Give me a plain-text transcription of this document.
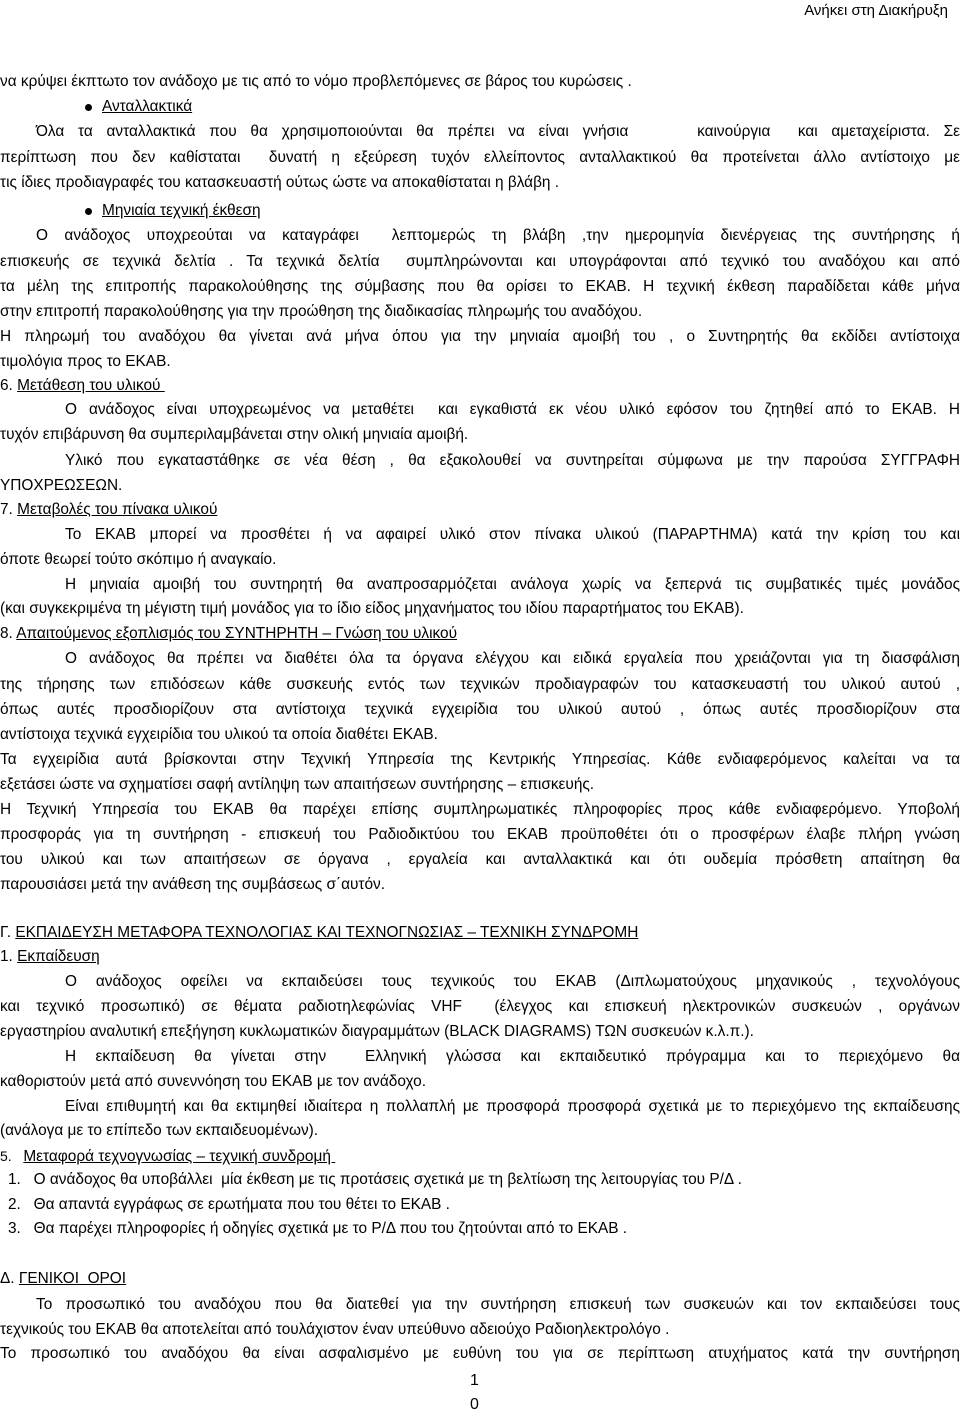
Ανήκει στη Διακήρυξη
να κρύψει έκπτωτο τον ανάδοχο με τις από το νόμο προβλεπόμενες σε βάρος του κυρώσεις .
Ανταλλακτικά
Όλα τα ανταλλακτικά που θα χρησιμοποιούνται θα πρέπει να είναι γνήσια     καινούργια  και αμεταχείριστα. Σε
περίπτωση που δεν καθίσταται  δυνατή η εξεύρεση τυχόν ελλείποντος ανταλλακτικού θα προτείνεται άλλο αντίστοιχο με
τις ίδιες προδιαγραφές του κατασκευαστή ούτως ώστε να αποκαθίσταται η βλάβη .
Μηνιαία τεχνική έκθεση
Ο ανάδοχος υποχρεούται να καταγράφει  λεπτομερώς τη βλάβη ,την ημερομηνία διενέργειας της συντήρησης ή
επισκευής σε τεχνικά δελτία . Τα τεχνικά δελτία  συμπληρώνονται και υπογράφονται από τεχνικό του αναδόχου και από
τα μέλη της επιτροπής παρακολούθησης της σύμβασης που θα ορίσει το ΕΚΑΒ. Η τεχνική έκθεση παραδίδεται κάθε μήνα
στην επιτροπή παρακολούθησης για την προώθηση της διαδικασίας πληρωμής του αναδόχου.
Η πληρωμή του αναδόχου θα γίνεται ανά μήνα όπου για την μηνιαία αμοιβή του , ο Συντηρητής θα εκδίδει αντίστοιχα
τιμολόγια προς το ΕΚΑΒ.
6. Μετάθεση του υλικού
Ο ανάδοχος είναι υποχρεωμένος να μεταθέτει  και εγκαθιστά εκ νέου υλικό εφόσον του ζητηθεί από το ΕΚΑΒ. Η
τυχόν επιβάρυνση θα συμπεριλαμβάνεται στην ολική μηνιαία αμοιβή.
Υλικό που εγκαταστάθηκε σε νέα θέση , θα εξακολουθεί να συντηρείται σύμφωνα με την παρούσα ΣΥΓΓΡΑΦΗ
ΥΠΟΧΡΕΩΣΕΩΝ.
7. Μεταβολές του πίνακα υλικού
Το ΕΚΑΒ μπορεί να προσθέτει ή να αφαιρεί υλικό στον πίνακα υλικού (ΠΑΡΑΡΤΗΜΑ) κατά την κρίση του και
όποτε θεωρεί τούτο σκόπιμο ή αναγκαίο.
Η μηνιαία αμοιβή του συντηρητή θα αναπροσαρμόζεται ανάλογα χωρίς να ξεπερνά τις συμβατικές τιμές μονάδος
(και συγκεκριμένα τη μέγιστη τιμή μονάδος για το ίδιο είδος μηχανήματος του ιδίου παραρτήματος του ΕΚΑΒ).
8. Απαιτούμενος εξοπλισμός του ΣΥΝΤΗΡΗΤΗ – Γνώση του υλικού
Ο ανάδοχος θα πρέπει να διαθέτει όλα τα όργανα ελέγχου και ειδικά εργαλεία που χρειάζονται για τη διασφάλιση
της τήρησης των επιδόσεων κάθε συσκευής εντός των τεχνικών προδιαγραφών του κατασκευαστή του υλικού αυτού ,
όπως αυτές προσδιορίζουν στα αντίστοιχα τεχνικά εγχειρίδια του υλικού αυτού , όπως αυτές προσδιορίζουν στα
αντίστοιχα τεχνικά εγχειρίδια του υλικού τα οποία διαθέτει ΕΚΑΒ.
Τα εγχειρίδια αυτά βρίσκονται στην Τεχνική Υπηρεσία της Κεντρικής Υπηρεσίας. Κάθε ενδιαφερόμενος καλείται να τα
εξετάσει ώστε να σχηματίσει σαφή αντίληψη των απαιτήσεων συντήρησης – επισκευής.
Η Τεχνική Υπηρεσία του ΕΚΑΒ θα παρέχει επίσης συμπληρωματικές πληροφορίες προς κάθε ενδιαφερόμενο. Υποβολή
προσφοράς για τη συντήρηση - επισκευή του Ραδιοδικτύου του ΕΚΑΒ προϋποθέτει ότι ο προσφέρων έλαβε πλήρη γνώση
του υλικού και των απαιτήσεων σε όργανα , εργαλεία και ανταλλακτικά και ότι ουδεμία πρόσθετη απαίτηση θα
παρουσιάσει μετά την ανάθεση της συμβάσεως σ΄αυτόν.
Γ. ΕΚΠΑΙΔΕΥΣΗ ΜΕΤΑΦΟΡΑ ΤΕΧΝΟΛΟΓΙΑΣ ΚΑΙ ΤΕΧΝΟΓΝΩΣΙΑΣ – ΤΕΧΝΙΚΗ ΣΥΝΔΡΟΜΗ
1. Εκπαίδευση
Ο ανάδοχος οφείλει να εκπαιδεύσει τους τεχνικούς του ΕΚΑΒ (Διπλωματούχους μηχανικούς , τεχνολόγους
και τεχνικό προσωπικό) σε θέματα ραδιοτηλεφώνίας VHF  (έλεγχος και επισκευή ηλεκτρονικών συσκευών , οργάνων
εργαστηρίου αναλυτική επεξήγηση κυκλωματικών διαγραμμάτων (BLACK DIAGRAMS) ΤΩΝ συσκευών κ.λ.π.).
Η εκπαίδευση θα γίνεται στην  Ελληνική γλώσσα και εκπαιδευτικό πρόγραμμα και το περιεχόμενο θα
καθοριστούν μετά από συνεννόηση του ΕΚΑΒ με τον ανάδοχο.
Είναι επιθυμητή και θα εκτιμηθεί ιδιαίτερα η πολλαπλή με προσφορά προσφορά σχετικά με το περιεχόμενο της εκπαίδευσης
(ανάλογα με το επίπεδο των εκπαιδευομένων).
5.   Μεταφορά τεχνογνωσίας – τεχνική συνδρομή
1.   Ο ανάδοχος θα υποβάλλει  μία έκθεση με τις προτάσεις σχετικά με τη βελτίωση της λειτουργίας του Ρ/Δ .
2.   Θα απαντά εγγράφως σε ερωτήματα που του θέτει το ΕΚΑΒ .
3.   Θα παρέχει πληροφορίες ή οδηγίες σχετικά με το Ρ/Δ που του ζητούνται από το ΕΚΑΒ .
Δ. ΓΕΝΙΚΟΙ  ΟΡΟΙ
Το προσωπικό του αναδόχου που θα διατεθεί για την συντήρηση επισκευή των συσκευών και τον εκπαιδεύσει τους
τεχνικούς του ΕΚΑΒ θα αποτελείται από τουλάχιστον έναν υπεύθυνο αδειούχο Ραδιοηλεκτρολόγο .
Το προσωπικό του αναδόχου θα είναι ασφαλισμένο με ευθύνη του για σε περίπτωση ατυχήματος κατά την συντήρηση
1
0
